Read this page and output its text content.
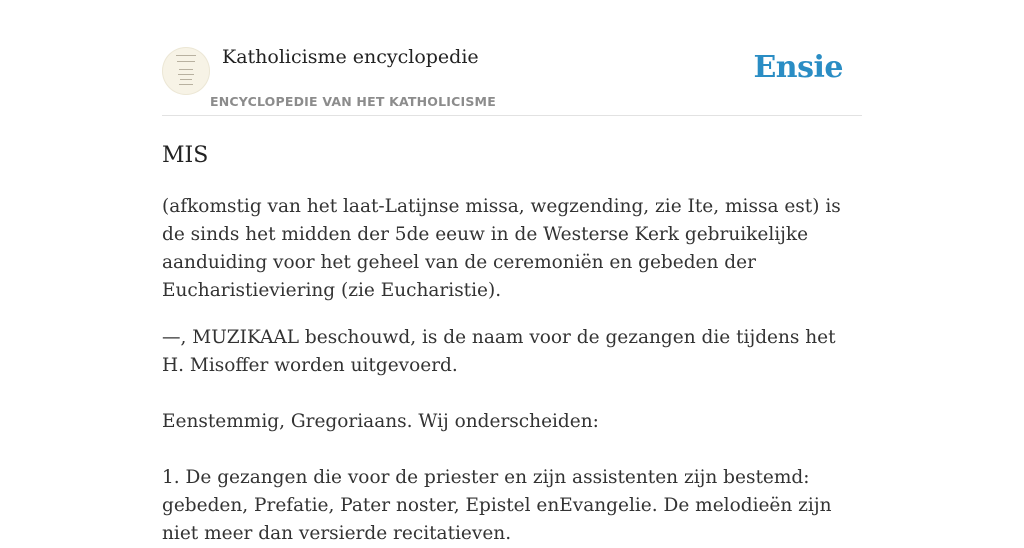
Katholicisme encyclopedie
ENCYCLOPEDIE VAN HET KATHOLICISME
Ensie
MIS

(afkomstig van het laat-Latijnse missa, wegzending, zie Ite, missa est) is de sinds het midden der 5de eeuw in de Westerse Kerk gebruikelijke aanduiding voor het geheel van de ceremoniën en gebeden der Eucharistieviering (zie Eucharistie).

—, MUZIKAAL beschouwd, is de naam voor de gezangen die tijdens het H. Misoffer worden uitgevoerd.

Eenstemmig, Gregoriaans. Wij onderscheiden:

1. De gezangen die voor de priester en zijn assistenten zijn bestemd: gebeden, Prefatie, Pater noster, Epistel enEvangelie. De melodieën zijn niet meer dan versierde recitatieven.
